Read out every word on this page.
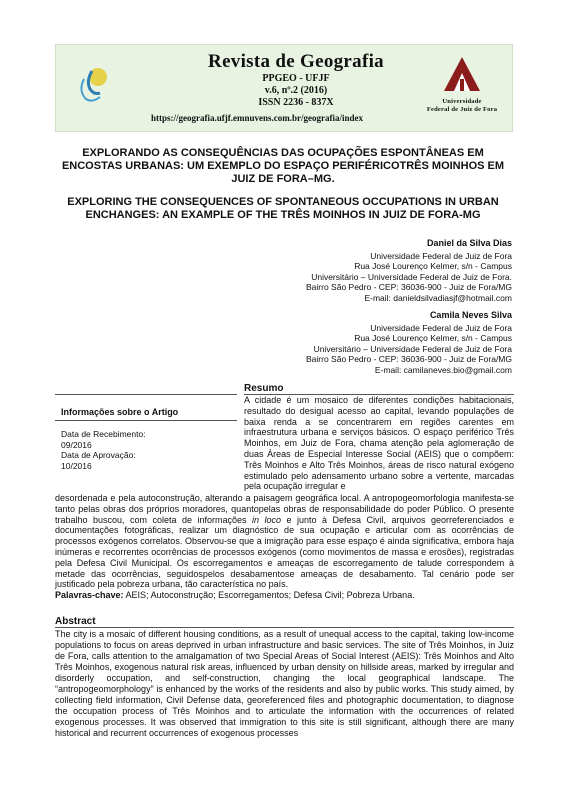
Revista de Geografia
PPGEO - UFJF
v.6, nº.2 (2016)
ISSN 2236 - 837X
https://geografia.ufjf.emnuvens.com.br/geografia/index
Universidade
Federal de Juiz de Fora
EXPLORANDO AS CONSEQUÊNCIAS DAS OCUPAÇÕES ESPONTÂNEAS EM ENCOSTAS URBANAS: UM EXEMPLO DO ESPAÇO PERIFÉRICOTRÊS MOINHOS EM JUIZ DE FORA–MG.
EXPLORING THE CONSEQUENCES OF SPONTANEOUS OCCUPATIONS IN URBAN ENCHANGES: AN EXAMPLE OF THE TRÊS MOINHOS IN JUIZ DE FORA-MG
Daniel da Silva Dias
Universidade Federal de Juiz de Fora
Rua José Lourenço Kelmer, s/n - Campus
Universitário – Universidade Federal de Juiz de Fora.
Bairro São Pedro - CEP: 36036-900 - Juiz de Fora/MG
E-mail: danieldsilvadiasjf@hotmail.com
Camila Neves Silva
Universidade Federal de Juiz de Fora
Rua José Lourenço Kelmer, s/n - Campus
Universitário – Universidade Federal de Juiz de Fora
Bairro São Pedro - CEP: 36036-900 - Juiz de Fora/MG
E-mail: camilaneves.bio@gmail.com
Informações sobre o Artigo
Data de Recebimento:
09/2016
Data de Aprovação:
10/2016
Resumo
A cidade é um mosaico de diferentes condições habitacionais, resultado do desigual acesso ao capital, levando populações de baixa renda a se concentrarem em regiões carentes em infraestrutura urbana e serviços básicos. O espaço periférico Três Moinhos, em Juiz de Fora, chama atenção pela aglomeração de duas Áreas de Especial Interesse Social (AEIS) que o compõem: Três Moinhos e Alto Três Moinhos, áreas de risco natural exógeno estimulado pelo adensamento urbano sobre a vertente, marcadas pela ocupação irregular e
desordenada e pela autoconstrução, alterando a paisagem geográfica local. A antropogeomorfologia manifesta-se tanto pelas obras dos próprios moradores, quantopelas obras de responsabilidade do poder Público. O presente trabalho buscou, com coleta de informações in loco e junto à Defesa Civil, arquivos georreferenciados e documentações fotográficas, realizar um diagnóstico de sua ocupação e articular com as ocorrências de processos exógenos correlatos. Observou-se que a imigração para esse espaço é ainda significativa, embora haja inúmeras e recorrentes ocorrências de processos exógenos (como movimentos de massa e erosões), registradas pela Defesa Civil Municipal. Os escorregamentos e ameaças de escorregamento de talude correspondem à metade das ocorrências, seguidospelos desabamentose ameaças de desabamento. Tal cenário pode ser justificado pela pobreza urbana, tão característica no país.
Palavras-chave: AEIS; Autoconstrução; Escorregamentos; Defesa Civil; Pobreza Urbana.
Abstract
The city is a mosaic of different housing conditions, as a result of unequal access to the capital, taking low-income populations to focus on areas deprived in urban infrastructure and basic services. The site of Três Moinhos, in Juiz de Fora, calls attention to the amalgamation of two Special Areas of Social Interest (AEIS): Três Moinhos and Alto Três Moinhos, exogenous natural risk areas, influenced by urban density on hillside areas, marked by irregular and disorderly occupation, and self-construction, changing the local geographical landscape. The “antropogeomorphology” is enhanced by the works of the residents and also by public works. This study aimed, by collecting field information, Civil Defense data, georeferenced files and photographic documentation, to diagnose the occupation process of Três Moinhos and to articulate the information with the occurrences of related exogenous processes. It was observed that immigration to this site is still significant, although there are many historical and recurrent occurrences of exogenous processes
